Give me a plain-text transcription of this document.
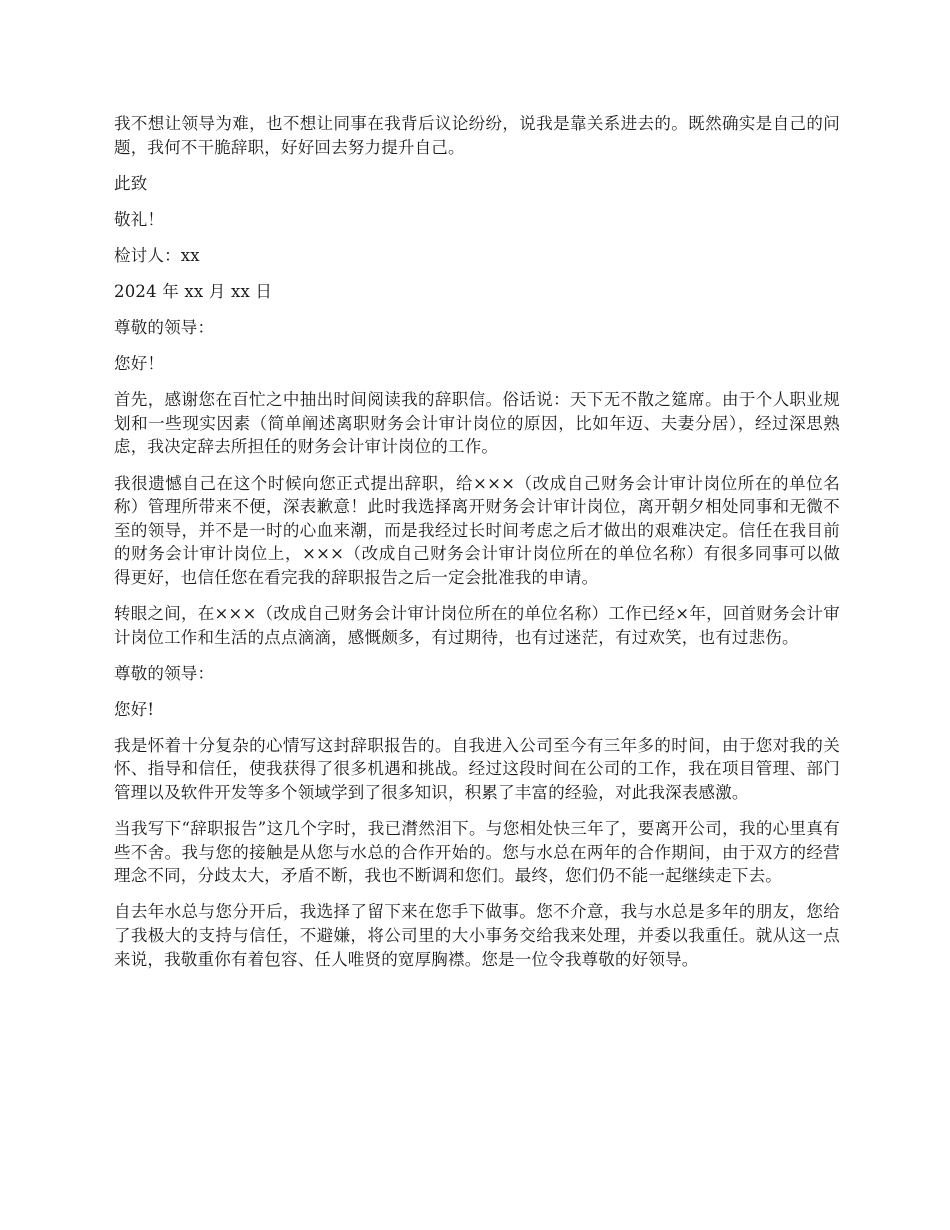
我不想让领导为难，也不想让同事在我背后议论纷纷，说我是靠关系进去的。既然确实是自己的问题，我何不干脆辞职，好好回去努力提升自己。

此致

敬礼！

检讨人：xx

2024 年 xx 月 xx 日

尊敬的领导：

您好！

首先，感谢您在百忙之中抽出时间阅读我的辞职信。俗话说：天下无不散之筵席。由于个人职业规划和一些现实因素（简单阐述离职财务会计审计岗位的原因，比如年迈、夫妻分居），经过深思熟虑，我决定辞去所担任的财务会计审计岗位的工作。

我很遗憾自己在这个时候向您正式提出辞职，给×××（改成自己财务会计审计岗位所在的单位名称）管理所带来不便，深表歉意！此时我选择离开财务会计审计岗位，离开朝夕相处同事和无微不至的领导，并不是一时的心血来潮，而是我经过长时间考虑之后才做出的艰难决定。信任在我目前的财务会计审计岗位上，×××（改成自己财务会计审计岗位所在的单位名称）有很多同事可以做得更好，也信任您在看完我的辞职报告之后一定会批准我的申请。

转眼之间，在×××（改成自己财务会计审计岗位所在的单位名称）工作已经×年，回首财务会计审计岗位工作和生活的点点滴滴，感慨颇多，有过期待，也有过迷茫，有过欢笑，也有过悲伤。

尊敬的领导：

您好!

我是怀着十分复杂的心情写这封辞职报告的。自我进入公司至今有三年多的时间，由于您对我的关怀、指导和信任，使我获得了很多机遇和挑战。经过这段时间在公司的工作，我在项目管理、部门管理以及软件开发等多个领域学到了很多知识，积累了丰富的经验，对此我深表感激。

当我写下“辞职报告”这几个字时，我已潸然泪下。与您相处快三年了，要离开公司，我的心里真有些不舍。我与您的接触是从您与水总的合作开始的。您与水总在两年的合作期间，由于双方的经营理念不同，分歧太大，矛盾不断，我也不断调和您们。最终，您们仍不能一起继续走下去。

自去年水总与您分开后，我选择了留下来在您手下做事。您不介意，我与水总是多年的朋友，您给了我极大的支持与信任，不避嫌，将公司里的大小事务交给我来处理，并委以我重任。就从这一点来说，我敬重你有着包容、任人唯贤的宽厚胸襟。您是一位令我尊敬的好领导。
